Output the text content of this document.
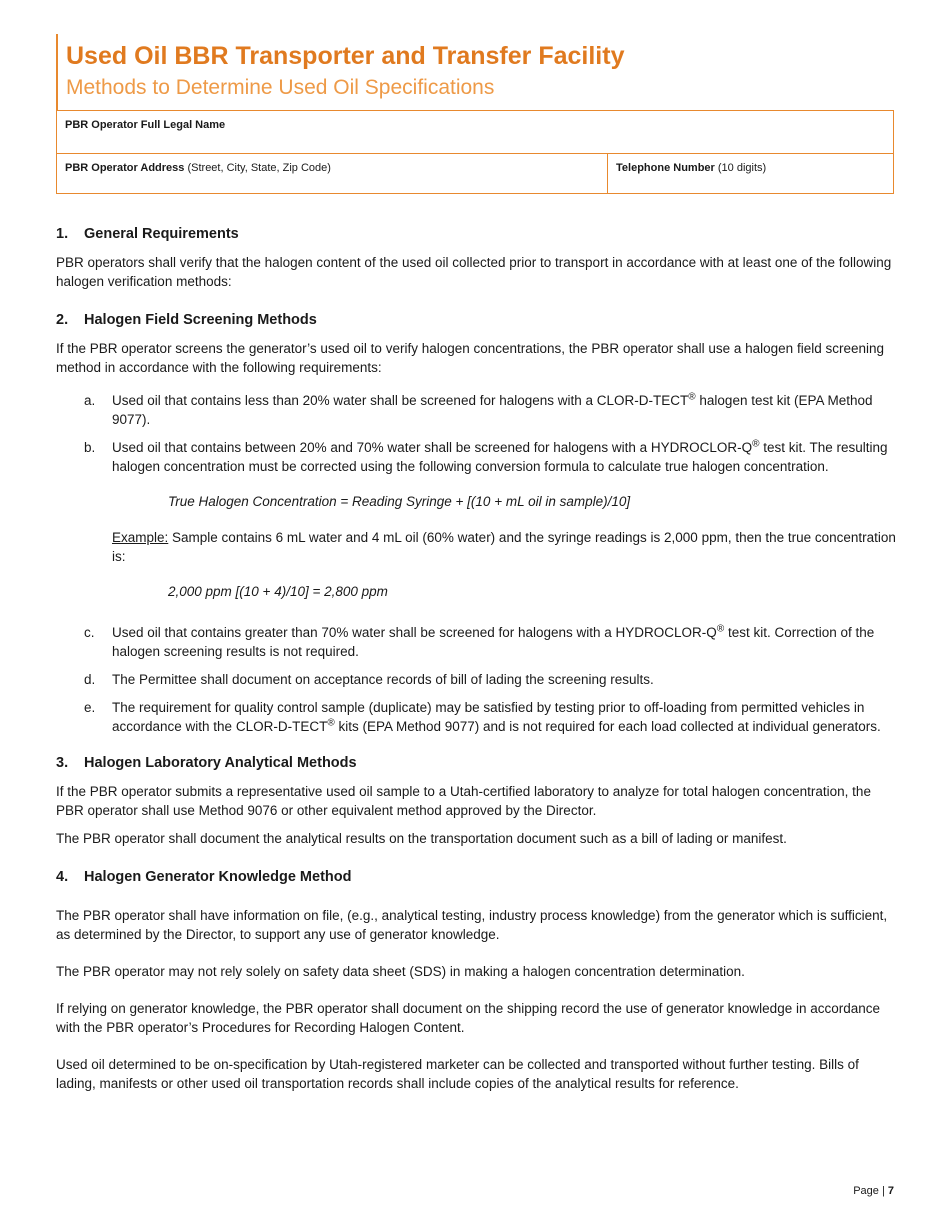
Used Oil BBR Transporter and Transfer Facility
Methods to Determine Used Oil Specifications
PBR Operator Full Legal Name
PBR Operator Address (Street, City, State, Zip Code)	Telephone Number (10 digits)
1. General Requirements

PBR operators shall verify that the halogen content of the used oil collected prior to transport in accordance with at least one of the following halogen verification methods:

2. Halogen Field Screening Methods

If the PBR operator screens the generator’s used oil to verify halogen concentrations, the PBR operator shall use a halogen field screening method in accordance with the following requirements:

a. Used oil that contains less than 20% water shall be screened for halogens with a CLOR-D-TECT® halogen test kit (EPA Method 9077).
b. Used oil that contains between 20% and 70% water shall be screened for halogens with a HYDROCLOR-Q® test kit. The resulting halogen concentration must be corrected using the following conversion formula to calculate true halogen concentration.
True Halogen Concentration = Reading Syringe + [(10 + mL oil in sample)/10]
Example: Sample contains 6 mL water and 4 mL oil (60% water) and the syringe readings is 2,000 ppm, then the true concentration is:
2,000 ppm [(10 + 4)/10] = 2,800 ppm
c. Used oil that contains greater than 70% water shall be screened for halogens with a HYDROCLOR-Q® test kit. Correction of the halogen screening results is not required.
d. The Permittee shall document on acceptance records of bill of lading the screening results.
e. The requirement for quality control sample (duplicate) may be satisfied by testing prior to off-loading from permitted vehicles in accordance with the CLOR-D-TECT® kits (EPA Method 9077) and is not required for each load collected at individual generators.
3. Halogen Laboratory Analytical Methods

If the PBR operator submits a representative used oil sample to a Utah-certified laboratory to analyze for total halogen concentration, the PBR operator shall use Method 9076 or other equivalent method approved by the Director.

The PBR operator shall document the analytical results on the transportation document such as a bill of lading or manifest.

4. Halogen Generator Knowledge Method

The PBR operator shall have information on file, (e.g., analytical testing, industry process knowledge) from the generator which is sufficient, as determined by the Director, to support any use of generator knowledge.

The PBR operator may not rely solely on safety data sheet (SDS) in making a halogen concentration determination.

If relying on generator knowledge, the PBR operator shall document on the shipping record the use of generator knowledge in accordance with the PBR operator’s Procedures for Recording Halogen Content.

Used oil determined to be on-specification by Utah-registered marketer can be collected and transported without further testing. Bills of lading, manifests or other used oil transportation records shall include copies of the analytical results for reference.

Page | 7
